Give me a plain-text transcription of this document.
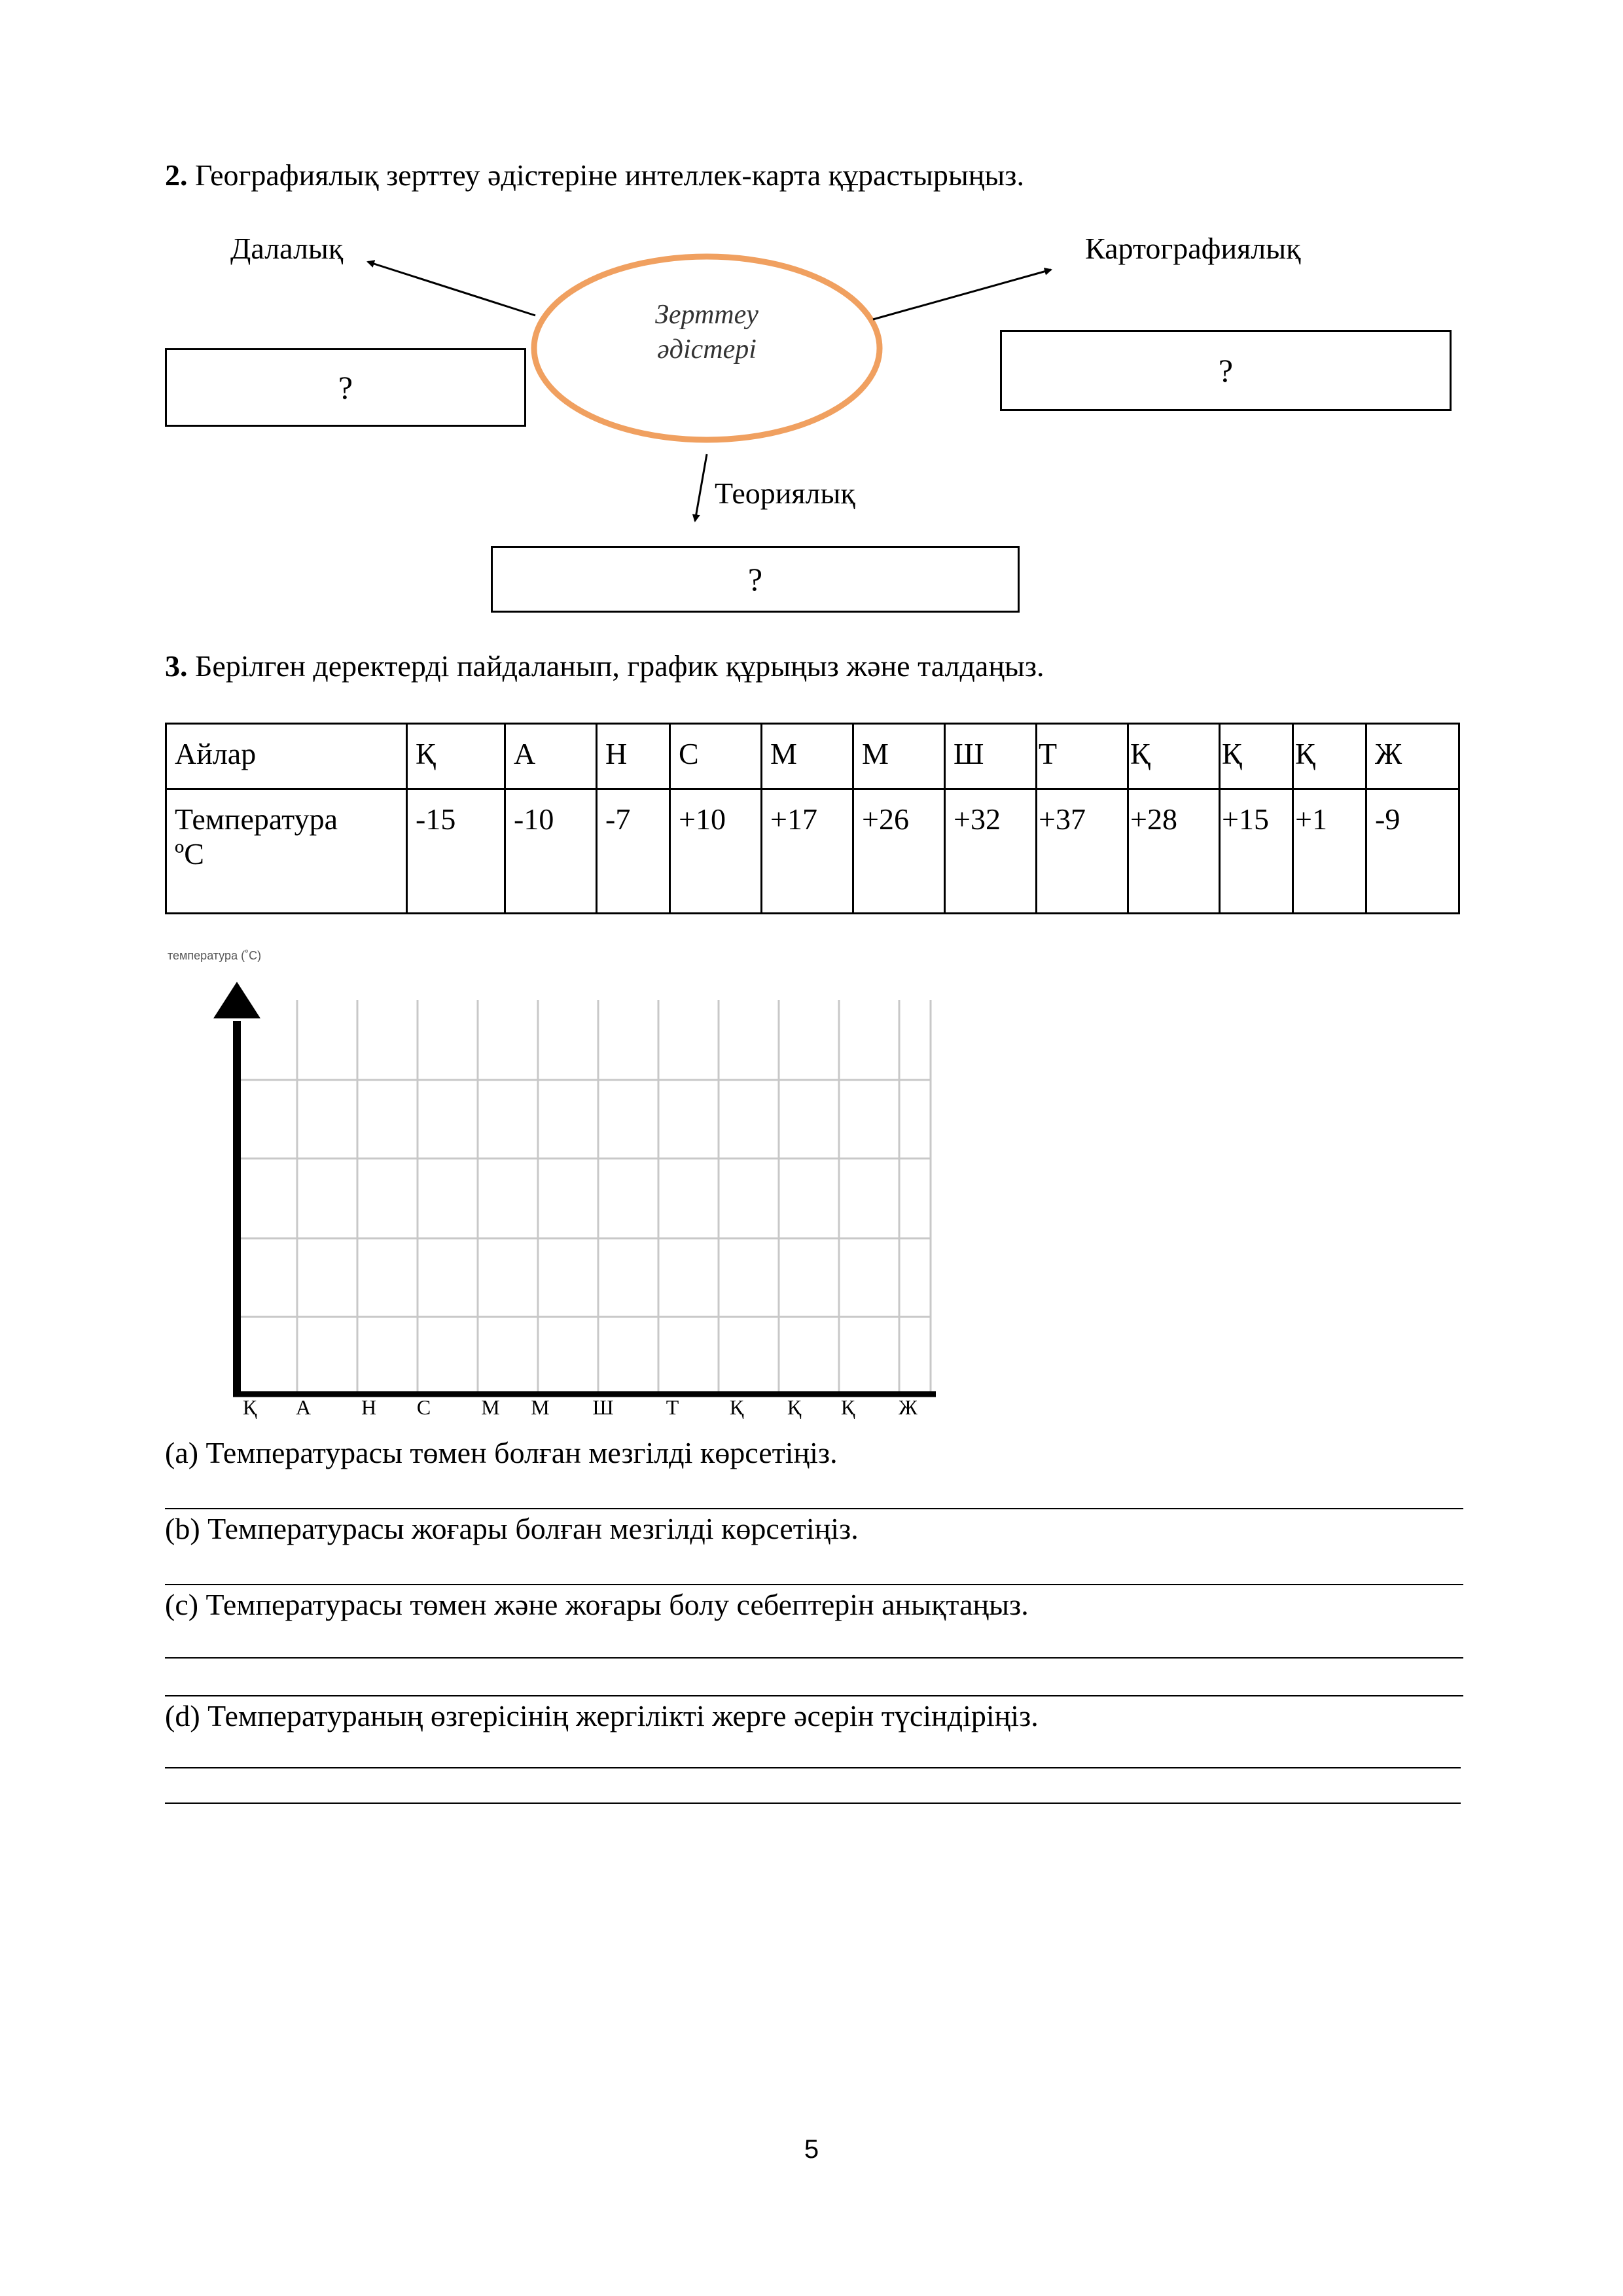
2. Географиялық зерттеу әдістеріне интеллек-карта құрастырыңыз.
Далалық	Картографиялық
Теориялық
Зерттеу
әдістері
?	?
?
3. Берілген деректерді пайдаланып, график құрыңыз және талдаңыз.
Айлар	Қ	А	Н	С	М	М	Ш	Т	Қ	Қ	Қ	Ж

Температура
ºC	-15	-10	-7	+10	+17	+26	+32	+37	+28	+15	+1	-9
температура (˚С)
Қ	А	Н	С	М	М	Ш	Т	Қ	Қ	Қ	Ж
(a) Температурасы төмен болған мезгілді көрсетіңіз.
(b) Температурасы жоғары болған мезгілді көрсетіңіз.
(c) Температурасы төмен және жоғары болу себептерін анықтаңыз.
(d) Температураның өзгерісінің жергілікті жерге әсерін түсіндіріңіз.
5
